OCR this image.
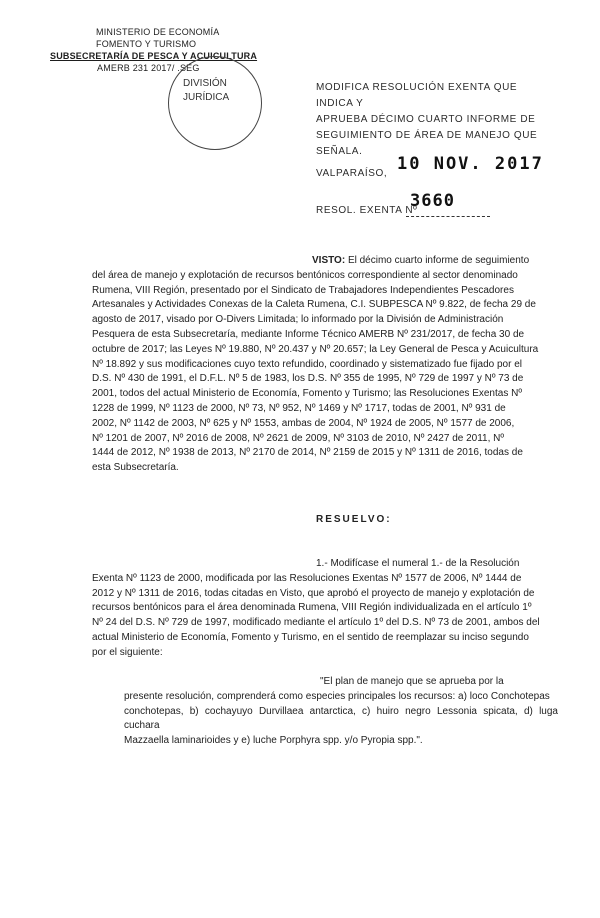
MINISTERIO DE ECONOMÍA
FOMENTO Y TURISMO
SUBSECRETARÍA DE PESCA Y ACUICULTURA
AMERB 231 2017/ .SEG
DIVISIÓN
JURÍDICA
MODIFICA RESOLUCIÓN EXENTA QUE INDICA Y
APRUEBA DÉCIMO CUARTO INFORME DE
SEGUIMIENTO DE ÁREA DE MANEJO QUE SEÑALA.
VALPARAÍSO, 10 NOV. 2017
RESOL. EXENTA Nº
3660
VISTO: El décimo cuarto informe de seguimiento
del área de manejo y explotación de recursos bentónicos correspondiente al sector denominado
Rumena, VIII Región, presentado por el Sindicato de Trabajadores Independientes Pescadores
Artesanales y Actividades Conexas de la Caleta Rumena, C.I. SUBPESCA Nº 9.822, de fecha 29 de
agosto de 2017, visado por O-Divers Limitada; lo informado por la División de Administración
Pesquera de esta Subsecretaría, mediante Informe Técnico AMERB Nº 231/2017, de fecha 30 de
octubre de 2017; las Leyes Nº 19.880, Nº 20.437 y Nº 20.657; la Ley General de Pesca y Acuicultura
Nº 18.892 y sus modificaciones cuyo texto refundido, coordinado y sistematizado fue fijado por el
D.S. Nº 430 de 1991, el D.F.L. Nº 5 de 1983, los D.S. Nº 355 de 1995, Nº 729 de 1997 y Nº 73 de
2001, todos del actual Ministerio de Economía, Fomento y Turismo; las Resoluciones Exentas Nº
1228 de 1999, Nº 1123 de 2000, Nº 73, Nº 952, Nº 1469 y Nº 1717, todas de 2001, Nº 931 de
2002, Nº 1142 de 2003, Nº 625 y Nº 1553, ambas de 2004, Nº 1924 de 2005, Nº 1577 de 2006,
Nº 1201 de 2007, Nº 2016 de 2008, Nº 2621 de 2009, Nº 3103 de 2010, Nº 2427 de 2011, Nº
1444 de 2012, Nº 1938 de 2013, Nº 2170 de 2014, Nº 2159 de 2015 y Nº 1311 de 2016, todas de
esta Subsecretaría.
RESUELVO:
1.- Modifícase el numeral 1.- de la Resolución
Exenta Nº 1123 de 2000, modificada por las Resoluciones Exentas Nº 1577 de 2006, Nº 1444 de
2012 y Nº 1311 de 2016, todas citadas en Visto, que aprobó el proyecto de manejo y explotación de
recursos bentónicos para el área denominada Rumena, VIII Región individualizada en el artículo 1º
Nº 24 del D.S. Nº 729 de 1997, modificado mediante el artículo 1º del D.S. Nº 73 de 2001, ambos del
actual Ministerio de Economía, Fomento y Turismo, en el sentido de reemplazar su inciso segundo
por el siguiente:
"El plan de manejo que se aprueba por la
presente resolución, comprenderá como especies principales los recursos: a) loco Conchotepas
conchotepas, b) cochayuyo Durvillaea antarctica, c) huiro negro Lessonia spicata, d) luga cuchara
Mazzaella laminarioides y e) luche Porphyra spp. y/o Pyropia spp.".
